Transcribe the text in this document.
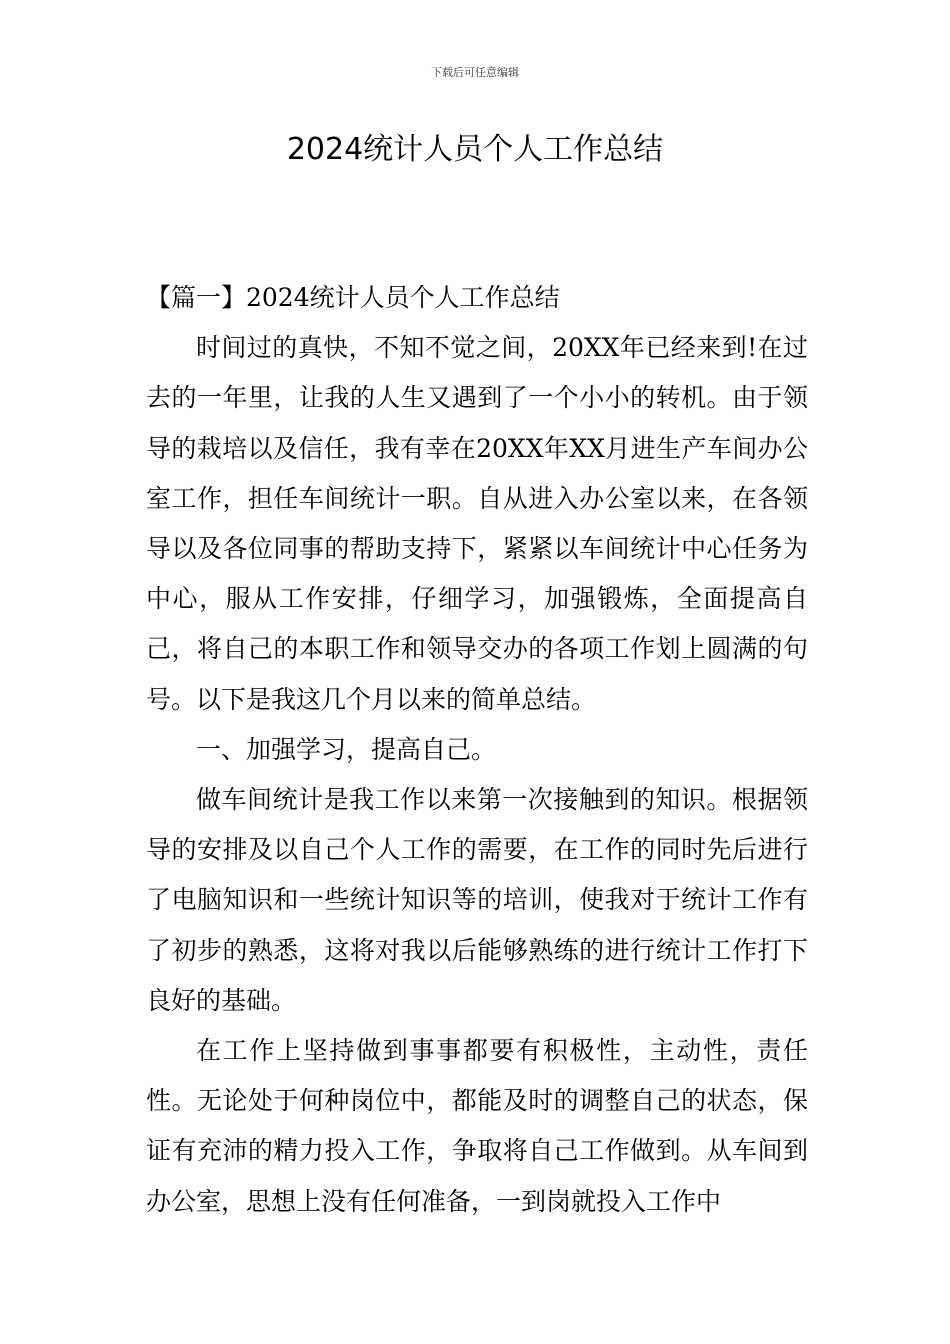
下载后可任意编辑
2024统计人员个人工作总结

【篇一】2024统计人员个人工作总结

时间过的真快，不知不觉之间，20XX年已经来到!在过去的一年里，让我的人生又遇到了一个小小的转机。由于领导的栽培以及信任，我有幸在20XX年XX月进生产车间办公室工作，担任车间统计一职。自从进入办公室以来，在各领导以及各位同事的帮助支持下，紧紧以车间统计中心任务为中心，服从工作安排，仔细学习，加强锻炼，全面提高自己，将自己的本职工作和领导交办的各项工作划上圆满的句号。以下是我这几个月以来的简单总结。

一、加强学习，提高自己。

做车间统计是我工作以来第一次接触到的知识。根据领导的安排及以自己个人工作的需要，在工作的同时先后进行了电脑知识和一些统计知识等的培训，使我对于统计工作有了初步的熟悉，这将对我以后能够熟练的进行统计工作打下良好的基础。

在工作上坚持做到事事都要有积极性，主动性，责任性。无论处于何种岗位中，都能及时的调整自己的状态，保证有充沛的精力投入工作，争取将自己工作做到。从车间到办公室，思想上没有任何准备，一到岗就投入工作中
